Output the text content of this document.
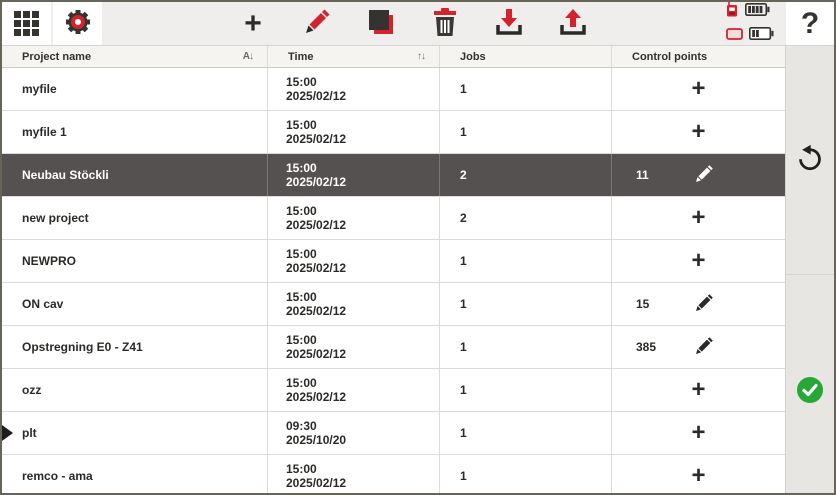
+	?
Project name	A↓	Time	↑↓	Jobs	Control points
myfile	15:00
2025/02/12	1	+
myfile 1	15:00
2025/02/12	1	+
Neubau Stöckli	15:00
2025/02/12	2	11
new project	15:00
2025/02/12	2	+
NEWPRO	15:00
2025/02/12	1	+
ON cav	15:00
2025/02/12	1	15
Opstregning E0 - Z41	15:00
2025/02/12	1	385
ozz	15:00
2025/02/12	1	+
plt	09:30
2025/10/20	1	+
remco - ama	15:00
2025/02/12	1	+
